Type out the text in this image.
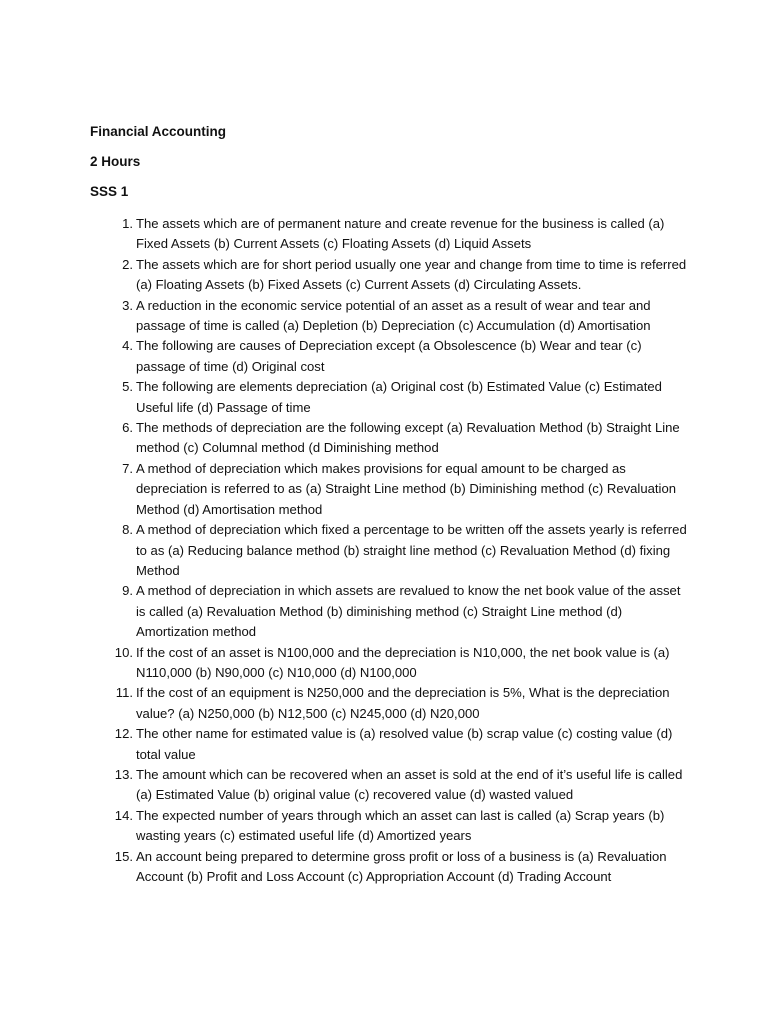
Financial Accounting

2 Hours

SSS 1

1. The assets which are of permanent nature and create revenue for the business is called (a) Fixed Assets (b) Current Assets (c) Floating Assets (d) Liquid Assets
2. The assets which are for short period usually one year and change from time to time is referred (a) Floating Assets (b) Fixed Assets (c) Current Assets (d) Circulating Assets.
3. A reduction in the economic service potential of an asset as a result of wear and tear and passage of time is called (a) Depletion (b) Depreciation (c) Accumulation (d) Amortisation
4. The following are causes of Depreciation except (a Obsolescence (b) Wear and tear (c) passage of time (d) Original cost
5. The following are elements depreciation (a) Original cost (b) Estimated Value (c) Estimated Useful life (d) Passage of time
6. The methods of depreciation are the following except (a) Revaluation Method (b) Straight Line method (c) Columnal method (d Diminishing method
7. A method of depreciation which makes provisions for equal amount to be charged as depreciation is referred to as (a) Straight Line method (b) Diminishing method (c) Revaluation Method (d) Amortisation method
8. A method of depreciation which fixed a percentage to be written off the assets yearly is referred to as (a) Reducing balance method (b) straight line method (c) Revaluation Method (d) fixing Method
9. A method of depreciation in which assets are revalued to know the net book value of the asset is called (a) Revaluation Method (b) diminishing method (c) Straight Line method (d) Amortization method
10. If the cost of an asset is N100,000 and the depreciation is N10,000, the net book value is (a) N110,000 (b) N90,000 (c) N10,000 (d) N100,000
11. If the cost of an equipment is N250,000 and the depreciation is 5%, What is the depreciation value? (a) N250,000 (b) N12,500 (c) N245,000 (d) N20,000
12. The other name for estimated value is (a) resolved value (b) scrap value (c) costing value (d) total value
13. The amount which can be recovered when an asset is sold at the end of it’s useful life is called (a) Estimated Value (b) original value (c) recovered value (d) wasted valued
14. The expected number of years through which an asset can last is called (a) Scrap years (b) wasting years (c) estimated useful life (d) Amortized years
15. An account being prepared to determine gross profit or loss of a business is (a) Revaluation Account (b) Profit and Loss Account (c) Appropriation Account (d) Trading Account
